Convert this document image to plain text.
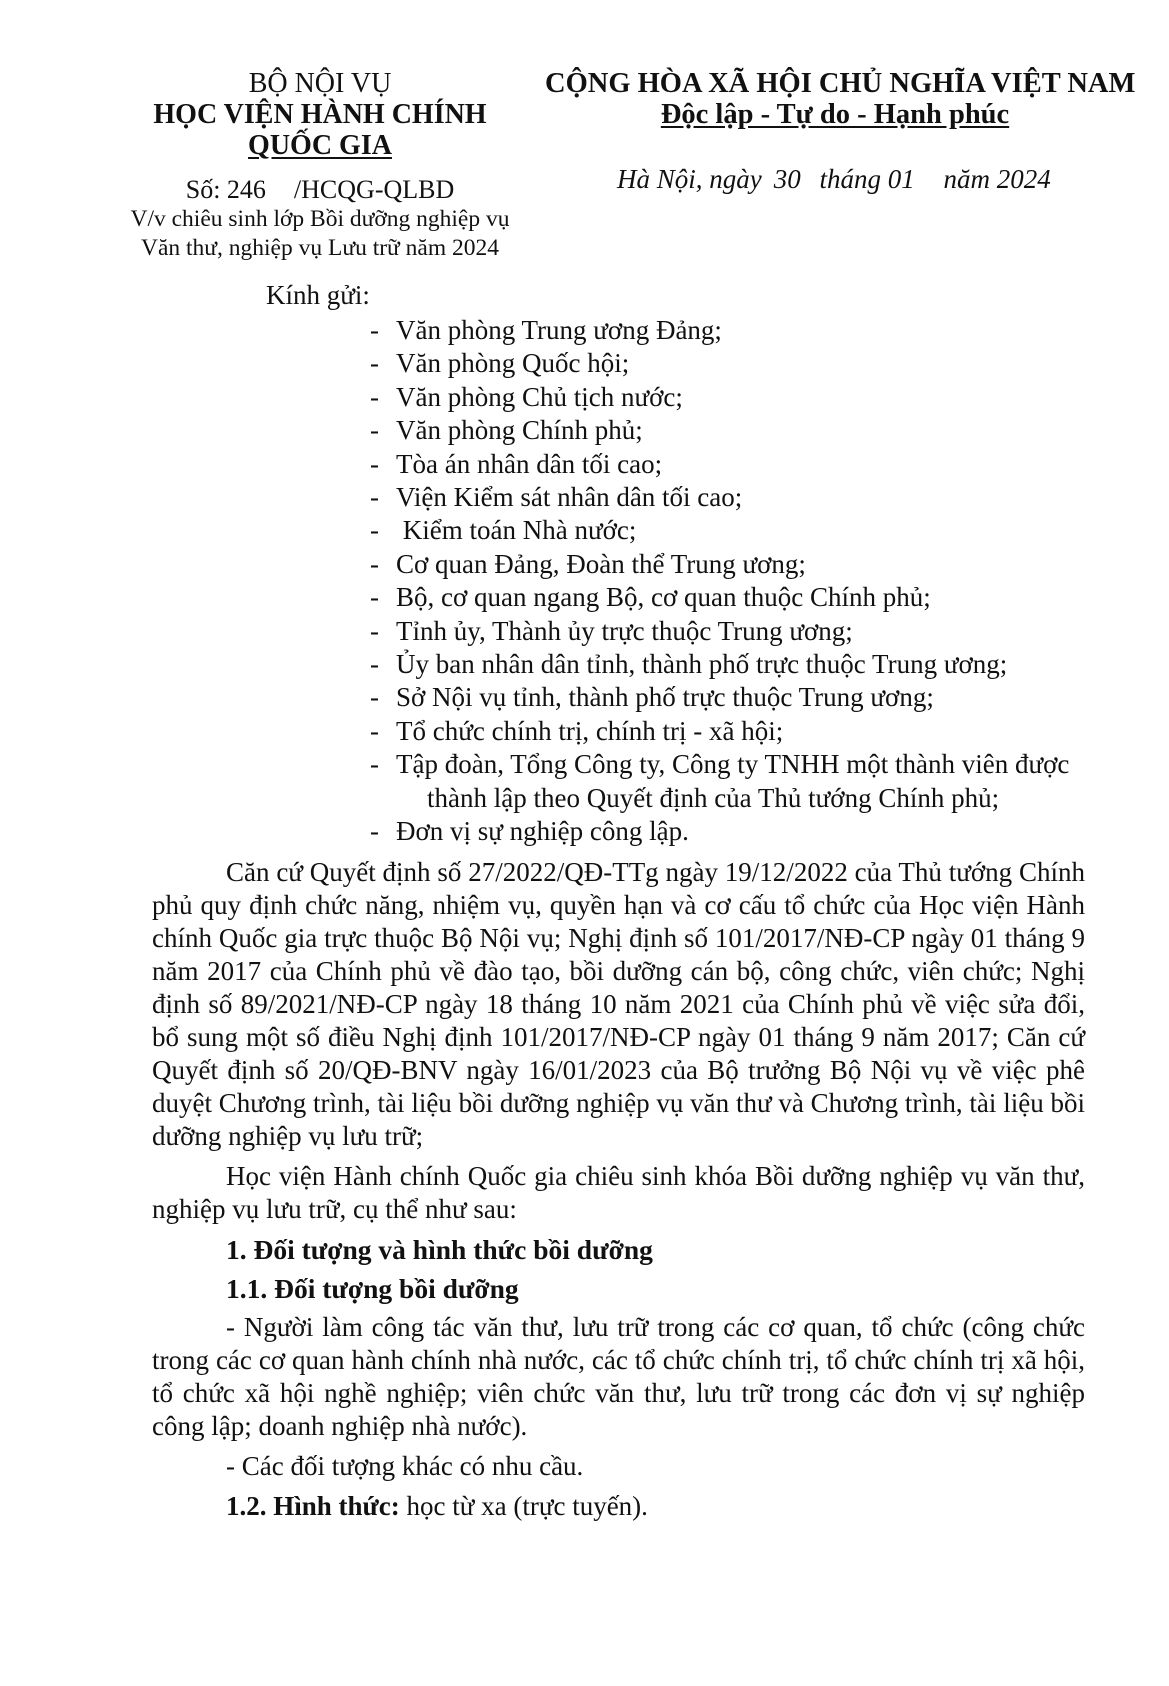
BỘ NỘI VỤ
HỌC VIỆN HÀNH CHÍNH
QUỐC GIA
Số: 246 /HCQG-QLBD
V/v chiêu sinh lớp Bồi dưỡng nghiệp vụ
Văn thư, nghiệp vụ Lưu trữ năm 2024
CỘNG HÒA XÃ HỘI CHỦ NGHĨA VIỆT NAM
Độc lập - Tự do - Hạnh phúc
Hà Nội, ngày 30 tháng 01 năm 2024
Kính gửi:
- Văn phòng Trung ương Đảng;
- Văn phòng Quốc hội;
- Văn phòng Chủ tịch nước;
- Văn phòng Chính phủ;
- Tòa án nhân dân tối cao;
- Viện Kiểm sát nhân dân tối cao;
- Kiểm toán Nhà nước;
- Cơ quan Đảng, Đoàn thể Trung ương;
- Bộ, cơ quan ngang Bộ, cơ quan thuộc Chính phủ;
- Tỉnh ủy, Thành ủy trực thuộc Trung ương;
- Ủy ban nhân dân tỉnh, thành phố trực thuộc Trung ương;
- Sở Nội vụ tỉnh, thành phố trực thuộc Trung ương;
- Tổ chức chính trị, chính trị - xã hội;
- Tập đoàn, Tổng Công ty, Công ty TNHH một thành viên được
thành lập theo Quyết định của Thủ tướng Chính phủ;
- Đơn vị sự nghiệp công lập.

Căn cứ Quyết định số 27/2022/QĐ-TTg ngày 19/12/2022 của Thủ tướng Chính phủ quy định chức năng, nhiệm vụ, quyền hạn và cơ cấu tổ chức của Học viện Hành chính Quốc gia trực thuộc Bộ Nội vụ; Nghị định số 101/2017/NĐ-CP ngày 01 tháng 9 năm 2017 của Chính phủ về đào tạo, bồi dưỡng cán bộ, công chức, viên chức; Nghị định số 89/2021/NĐ-CP ngày 18 tháng 10 năm 2021 của Chính phủ về việc sửa đổi, bổ sung một số điều Nghị định 101/2017/NĐ-CP ngày 01 tháng 9 năm 2017; Căn cứ Quyết định số 20/QĐ-BNV ngày 16/01/2023 của Bộ trưởng Bộ Nội vụ về việc phê duyệt Chương trình, tài liệu bồi dưỡng nghiệp vụ văn thư và Chương trình, tài liệu bồi dưỡng nghiệp vụ lưu trữ;

Học viện Hành chính Quốc gia chiêu sinh khóa Bồi dưỡng nghiệp vụ văn thư, nghiệp vụ lưu trữ, cụ thể như sau:

1. Đối tượng và hình thức bồi dưỡng
1.1. Đối tượng bồi dưỡng

- Người làm công tác văn thư, lưu trữ trong các cơ quan, tổ chức (công chức trong các cơ quan hành chính nhà nước, các tổ chức chính trị, tổ chức chính trị xã hội, tổ chức xã hội nghề nghiệp; viên chức văn thư, lưu trữ trong các đơn vị sự nghiệp công lập; doanh nghiệp nhà nước).

- Các đối tượng khác có nhu cầu.

1.2. Hình thức: học từ xa (trực tuyến).
